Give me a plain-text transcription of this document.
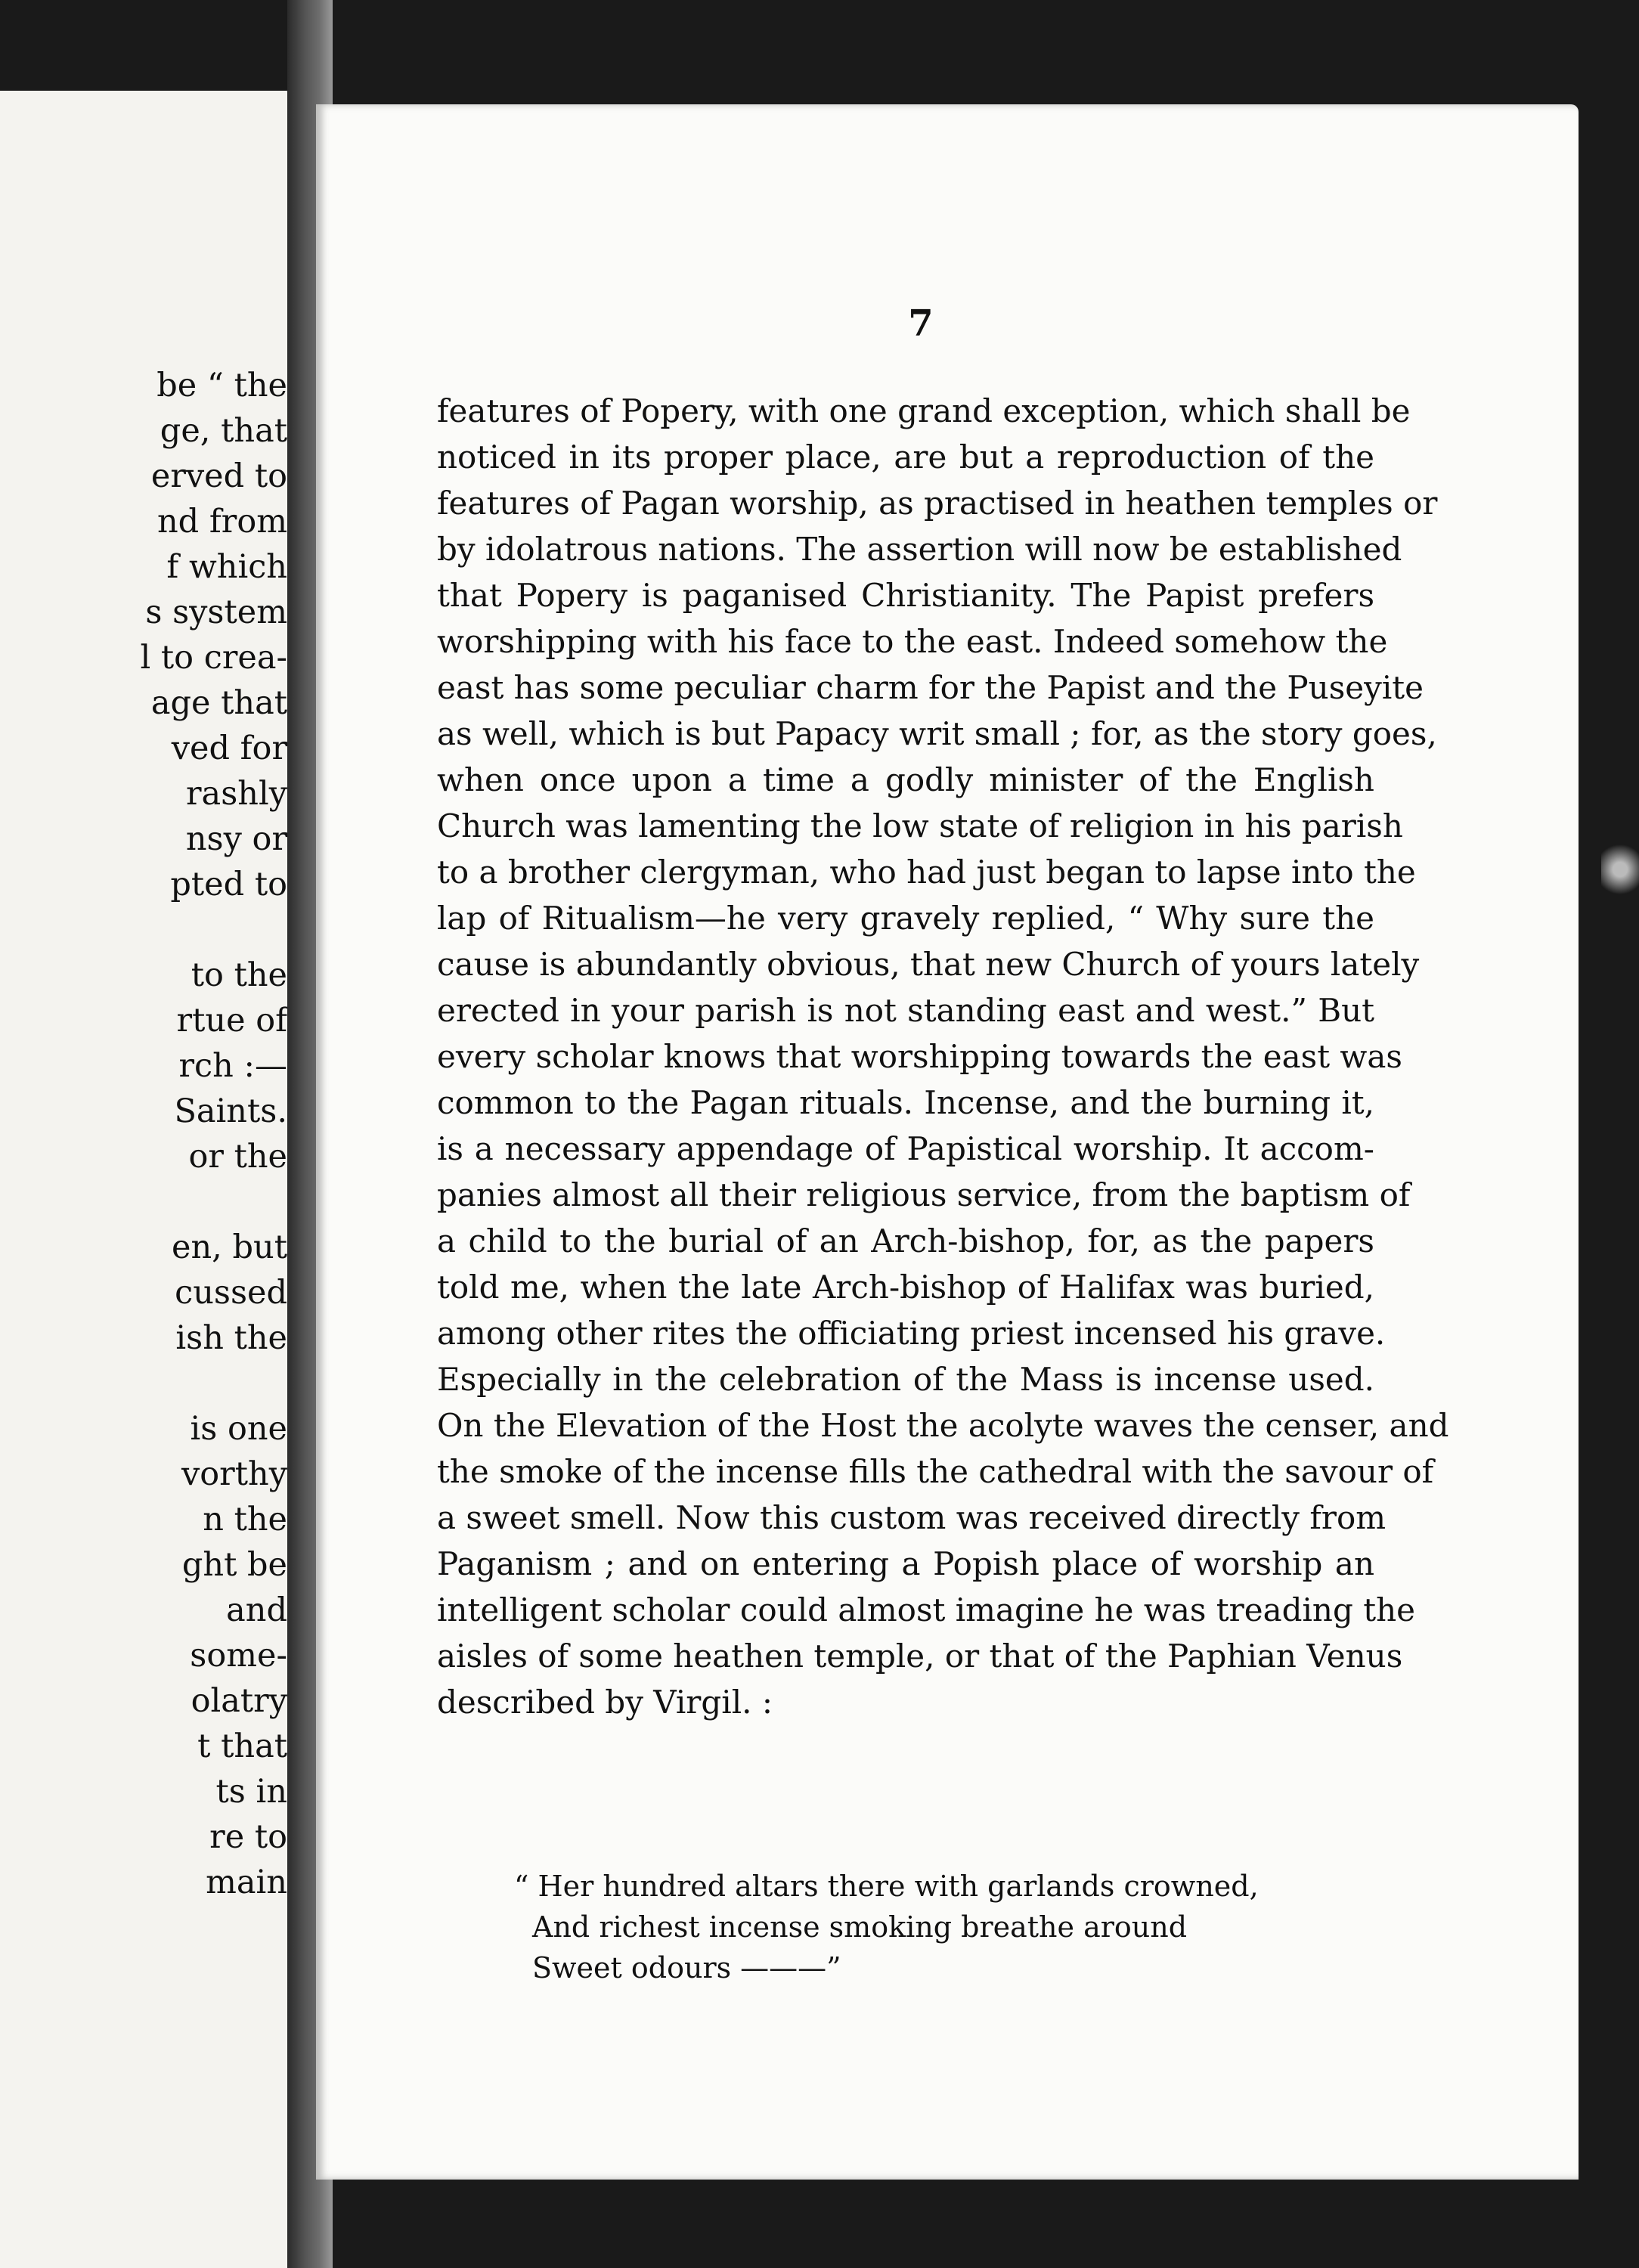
be “ the
ge, that
erved to
nd from
f which
s system
l to crea-
age that
ved for
rashly
nsy or
pted to
to the
rtue of
rch :—
Saints.
or the
en, but
cussed
ish the
is one
vorthy
n the
ght be
and
some-
olatry
t that
ts in
re to
main
7
features of Popery, with one grand exception, which shall be
noticed in its proper place, are but a reproduction of the
features of Pagan worship, as practised in heathen temples or
by idolatrous nations. The assertion will now be established
that Popery is paganised Christianity. The Papist prefers
worshipping with his face to the east. Indeed somehow the
east has some peculiar charm for the Papist and the Puseyite
as well, which is but Papacy writ small ; for, as the story goes,
when once upon a time a godly minister of the English
Church was lamenting the low state of religion in his parish
to a brother clergyman, who had just began to lapse into the
lap of Ritualism—he very gravely replied, “ Why sure the
cause is abundantly obvious, that new Church of yours lately
erected in your parish is not standing east and west.” But
every scholar knows that worshipping towards the east was
common to the Pagan rituals. Incense, and the burning it,
is a necessary appendage of Papistical worship. It accom-
panies almost all their religious service, from the baptism of
a child to the burial of an Arch-bishop, for, as the papers
told me, when the late Arch-bishop of Halifax was buried,
among other rites the officiating priest incensed his grave.
Especially in the celebration of the Mass is incense used.
On the Elevation of the Host the acolyte waves the censer, and
the smoke of the incense fills the cathedral with the savour of
a sweet smell. Now this custom was received directly from
Paganism ; and on entering a Popish place of worship an
intelligent scholar could almost imagine he was treading the
aisles of some heathen temple, or that of the Paphian Venus
described by Virgil. :
“ Her hundred altars there with garlands crowned,
And richest incense smoking breathe around
Sweet odours ———”
